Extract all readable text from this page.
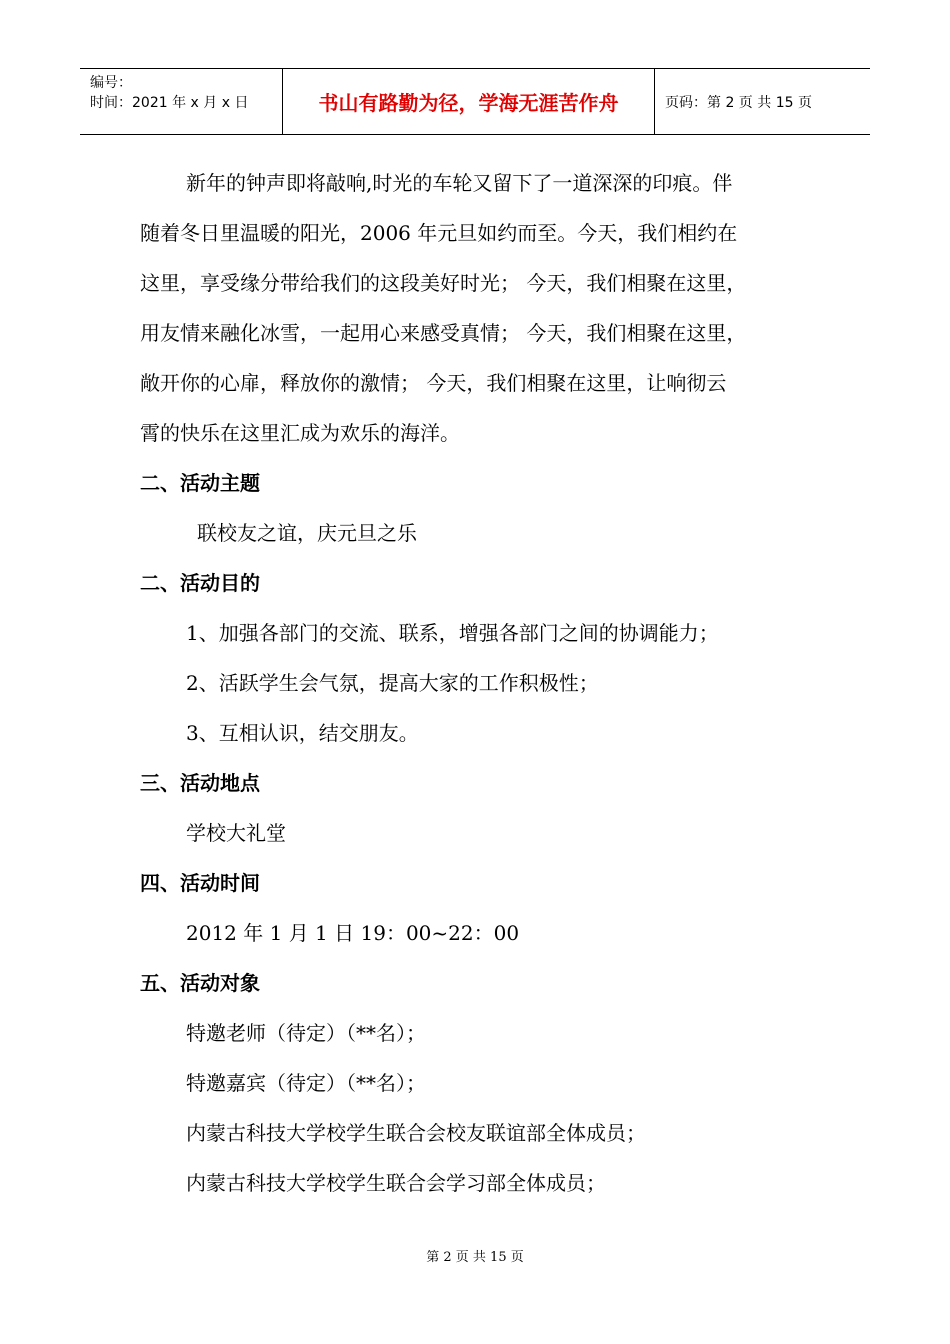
编号：
时间：2021 年 x 月 x 日	书山有路勤为径，学海无涯苦作舟	页码：第 2 页 共 15 页

新年的钟声即将敲响,时光的车轮又留下了一道深深的印痕。伴

随着冬日里温暖的阳光，2006 年元旦如约而至。今天，我们相约在

这里，享受缘分带给我们的这段美好时光； 今天，我们相聚在这里，

用友情来融化冰雪，一起用心来感受真情； 今天，我们相聚在这里，

敞开你的心扉，释放你的激情； 今天，我们相聚在这里，让响彻云

霄的快乐在这里汇成为欢乐的海洋。

二、活动主题

联校友之谊，庆元旦之乐

二、活动目的

1、加强各部门的交流、联系，增强各部门之间的协调能力；

2、活跃学生会气氛，提高大家的工作积极性；

3、互相认识，结交朋友。

三、活动地点

学校大礼堂

四、活动时间

2012 年 1 月 1 日 19：00~22：00

五、活动对象

特邀老师（待定）（**名）；

特邀嘉宾（待定）（**名）；

内蒙古科技大学校学生联合会校友联谊部全体成员；

内蒙古科技大学校学生联合会学习部全体成员；

第 2 页 共 15 页
